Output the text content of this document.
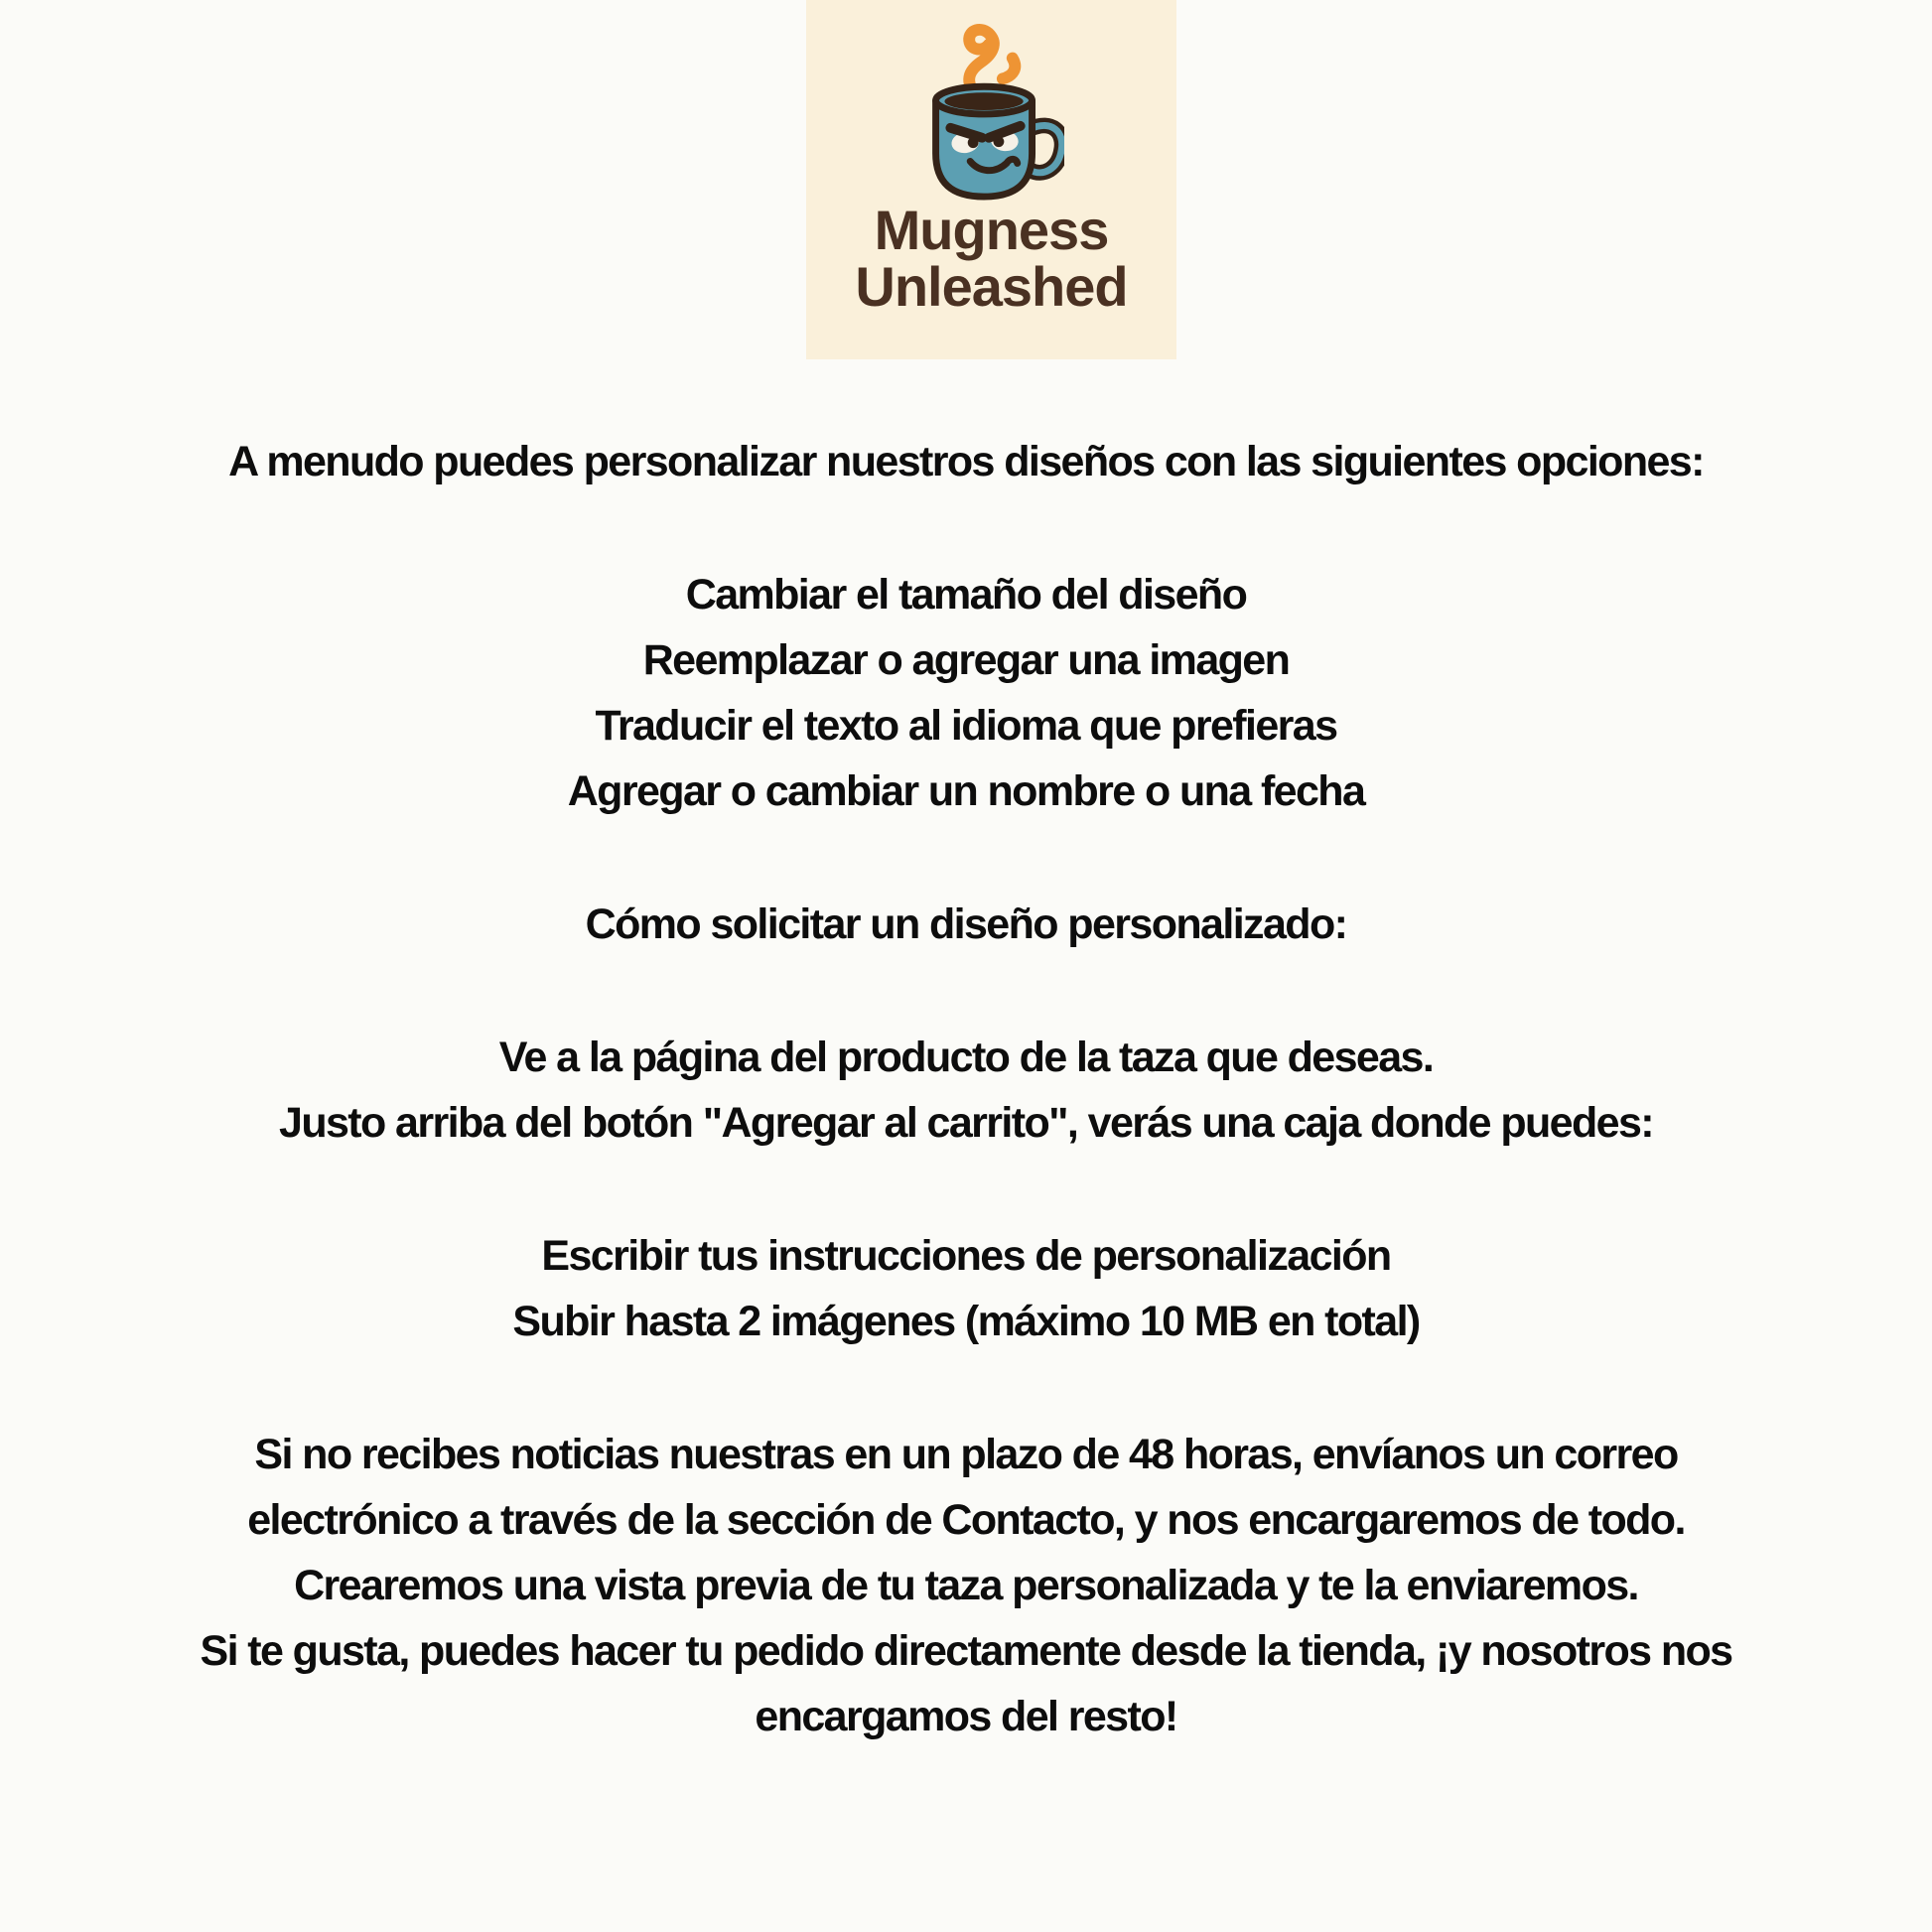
Mugness
Unleashed

A menudo puedes personalizar nuestros diseños con las siguientes opciones:

Cambiar el tamaño del diseño
Reemplazar o agregar una imagen
Traducir el texto al idioma que prefieras
Agregar o cambiar un nombre o una fecha

Cómo solicitar un diseño personalizado:

Ve a la página del producto de la taza que deseas.
Justo arriba del botón "Agregar al carrito", verás una caja donde puedes:

Escribir tus instrucciones de personalización
Subir hasta 2 imágenes (máximo 10 MB en total)

Si no recibes noticias nuestras en un plazo de 48 horas, envíanos un correo
electrónico a través de la sección de Contacto, y nos encargaremos de todo.
Crearemos una vista previa de tu taza personalizada y te la enviaremos.
Si te gusta, puedes hacer tu pedido directamente desde la tienda, ¡y nosotros nos
encargamos del resto!
